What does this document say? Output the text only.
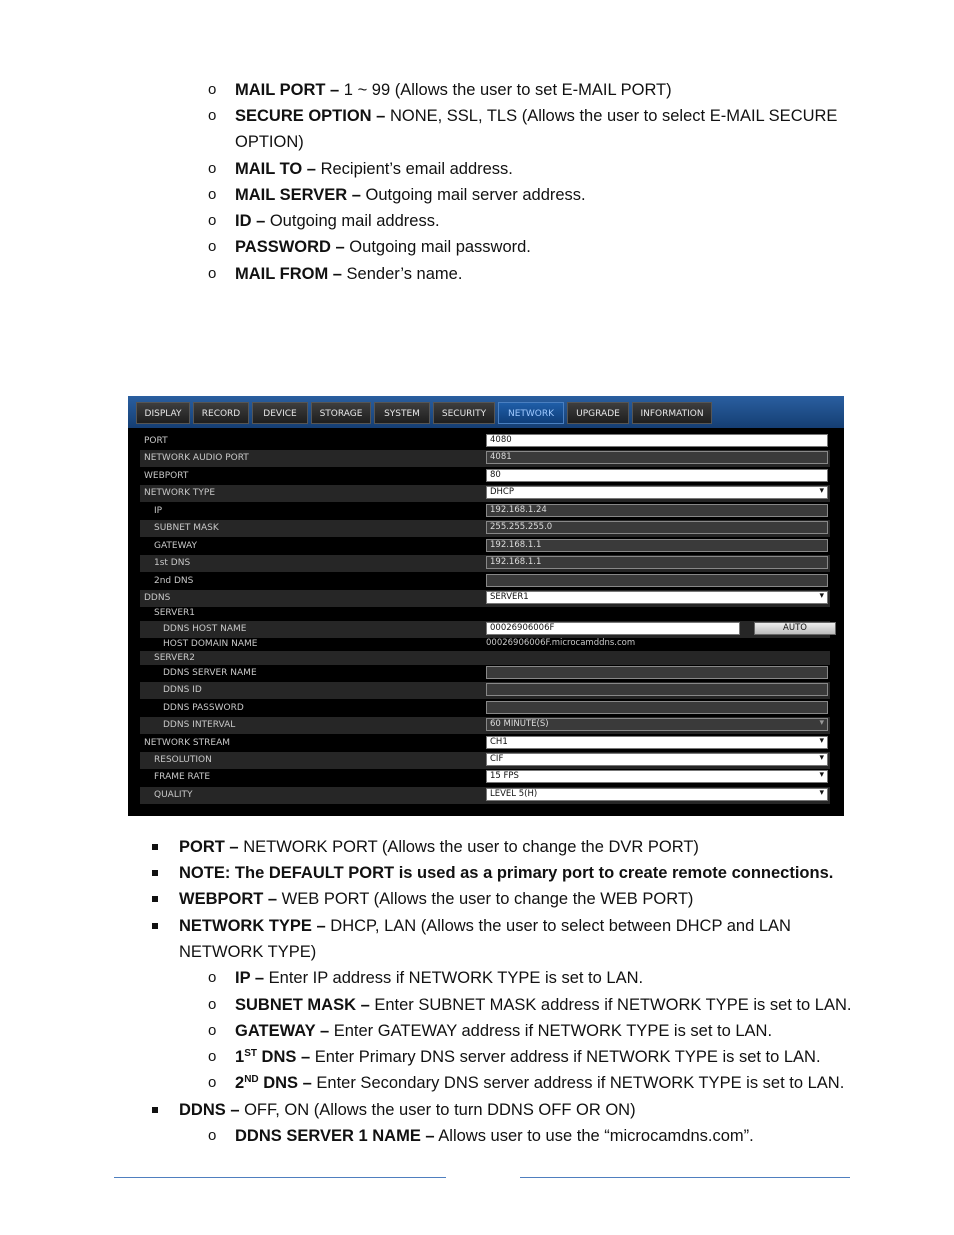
o MAIL PORT – 1 ~ 99 (Allows the user to set E-MAIL PORT)
o SECURE OPTION – NONE, SSL, TLS (Allows the user to select E-MAIL SECURE
OPTION)
o MAIL TO – Recipient’s email address.
o MAIL SERVER – Outgoing mail server address.
o ID – Outgoing mail address.
o PASSWORD – Outgoing mail password.
o MAIL FROM – Sender’s name.
DISPLAY	RECORD	DEVICE	STORAGE	SYSTEM	SECURITY	NETWORK	UPGRADE	INFORMATION
PORT	4080
NETWORK AUDIO PORT	4081
WEBPORT	80
NETWORK TYPE	DHCP ▾
IP	192.168.1.24
SUBNET MASK	255.255.255.0
GATEWAY	192.168.1.1
1st DNS	192.168.1.1
2nd DNS
DDNS	SERVER1 ▾
SERVER1
DDNS HOST NAME	00026906006F	AUTO
HOST DOMAIN NAME	00026906006F.microcamddns.com
SERVER2
DDNS SERVER NAME
DDNS ID
DDNS PASSWORD
DDNS INTERVAL	60 MINUTE(S) ▾
NETWORK STREAM	CH1 ▾
RESOLUTION	CIF ▾
FRAME RATE	15 FPS ▾
QUALITY	LEVEL 5(H) ▾
PORT – NETWORK PORT (Allows the user to change the DVR PORT)
NOTE: The DEFAULT PORT is used as a primary port to create remote connections.
WEBPORT – WEB PORT (Allows the user to change the WEB PORT)
NETWORK TYPE – DHCP, LAN (Allows the user to select between DHCP and LAN
NETWORK TYPE)
o IP – Enter IP address if NETWORK TYPE is set to LAN.
o SUBNET MASK – Enter SUBNET MASK address if NETWORK TYPE is set to LAN.
o GATEWAY – Enter GATEWAY address if NETWORK TYPE is set to LAN.
o 1ST DNS – Enter Primary DNS server address if NETWORK TYPE is set to LAN.
o 2ND DNS – Enter Secondary DNS server address if NETWORK TYPE is set to LAN.
DDNS – OFF, ON (Allows the user to turn DDNS OFF OR ON)
o DDNS SERVER 1 NAME – Allows user to use the “microcamdns.com”.
